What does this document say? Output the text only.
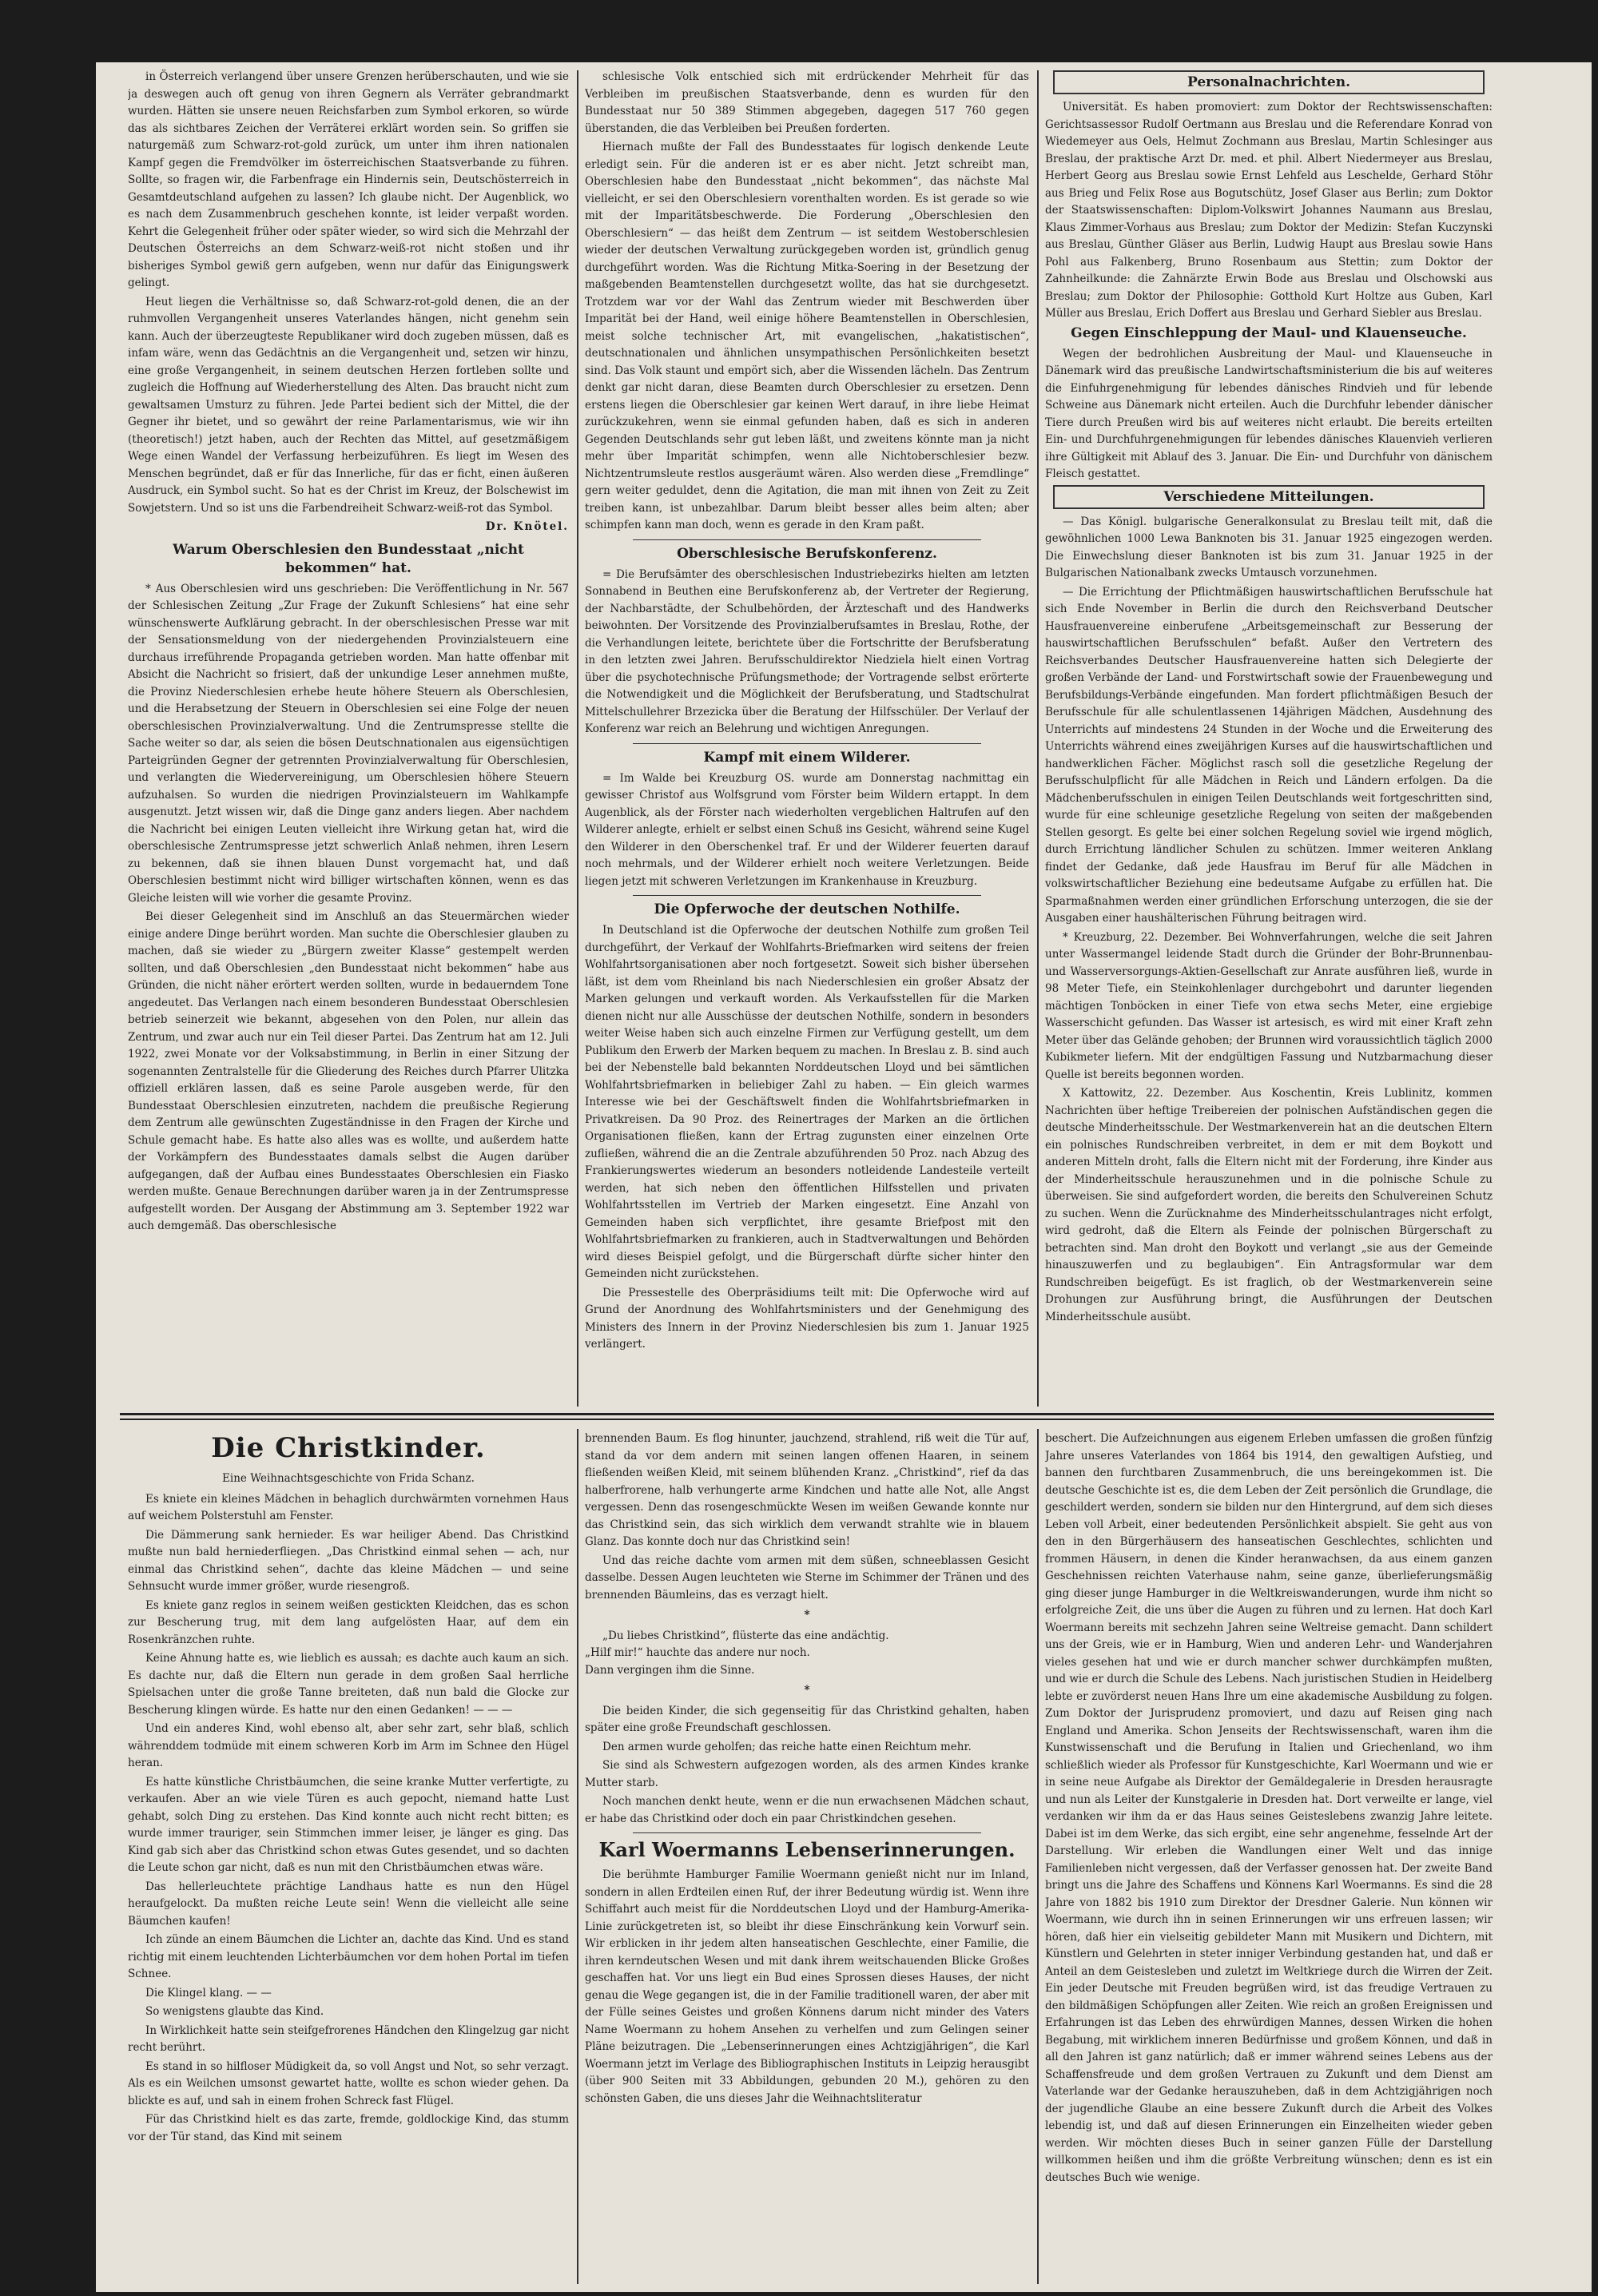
in Österreich verlangend über unsere Grenzen herüberschauten, und wie sie ja deswegen auch oft genug von ihren Gegnern als Verräter gebrandmarkt wurden. Hätten sie unsere neuen Reichsfarben zum Symbol erkoren, so würde das als sichtbares Zeichen der Verräterei erklärt worden sein. So griffen sie naturgemäß zum Schwarz-rot-gold zurück, um unter ihm ihren nationalen Kampf gegen die Fremdvölker im österreichischen Staatsverbande zu führen. Sollte, so fragen wir, die Farbenfrage ein Hindernis sein, Deutschösterreich in Gesamtdeutschland aufgehen zu lassen? Ich glaube nicht. Der Augenblick, wo es nach dem Zusammenbruch geschehen konnte, ist leider verpaßt worden. Kehrt die Gelegenheit früher oder später wieder, so wird sich die Mehrzahl der Deutschen Österreichs an dem Schwarz-weiß-rot nicht stoßen und ihr bisheriges Symbol gewiß gern aufgeben, wenn nur dafür das Einigungswerk gelingt.

Heut liegen die Verhältnisse so, daß Schwarz-rot-gold denen, die an der ruhmvollen Vergangenheit unseres Vaterlandes hängen, nicht genehm sein kann. Auch der überzeugteste Republikaner wird doch zugeben müssen, daß es infam wäre, wenn das Gedächtnis an die Vergangenheit und, setzen wir hinzu, eine große Vergangenheit, in seinem deutschen Herzen fortleben sollte und zugleich die Hoffnung auf Wiederherstellung des Alten. Das braucht nicht zum gewaltsamen Umsturz zu führen. Jede Partei bedient sich der Mittel, die der Gegner ihr bietet, und so gewährt der reine Parlamentarismus, wie wir ihn (theoretisch!) jetzt haben, auch der Rechten das Mittel, auf gesetzmäßigem Wege einen Wandel der Verfassung herbeizuführen. Es liegt im Wesen des Menschen begründet, daß er für das Innerliche, für das er ficht, einen äußeren Ausdruck, ein Symbol sucht. So hat es der Christ im Kreuz, der Bolschewist im Sowjetstern. Und so ist uns die Farbendreiheit Schwarz-weiß-rot das Symbol.

Dr. Knötel.

Warum Oberschlesien den Bundesstaat „nicht bekommen“ hat.

* Aus Oberschlesien wird uns geschrieben: Die Veröffentlichung in Nr. 567 der Schlesischen Zeitung „Zur Frage der Zukunft Schlesiens“ hat eine sehr wünschenswerte Aufklärung gebracht. In der oberschlesischen Presse war mit der Sensationsmeldung von der niedergehenden Provinzialsteuern eine durchaus irreführende Propaganda getrieben worden. Man hatte offenbar mit Absicht die Nachricht so frisiert, daß der unkundige Leser annehmen mußte, die Provinz Niederschlesien erhebe heute höhere Steuern als Oberschlesien, und die Herabsetzung der Steuern in Oberschlesien sei eine Folge der neuen oberschlesischen Provinzialverwaltung. Und die Zentrumspresse stellte die Sache weiter so dar, als seien die bösen Deutschnationalen aus eigensüchtigen Parteigründen Gegner der getrennten Provinzialverwaltung für Oberschlesien, und verlangten die Wiedervereinigung, um Oberschlesien höhere Steuern aufzuhalsen. So wurden die niedrigen Provinzialsteuern im Wahlkampfe ausgenutzt. Jetzt wissen wir, daß die Dinge ganz anders liegen. Aber nachdem die Nachricht bei einigen Leuten vielleicht ihre Wirkung getan hat, wird die oberschlesische Zentrumspresse jetzt schwerlich Anlaß nehmen, ihren Lesern zu bekennen, daß sie ihnen blauen Dunst vorgemacht hat, und daß Oberschlesien bestimmt nicht wird billiger wirtschaften können, wenn es das Gleiche leisten will wie vorher die gesamte Provinz.

Bei dieser Gelegenheit sind im Anschluß an das Steuermärchen wieder einige andere Dinge berührt worden. Man suchte die Oberschlesier glauben zu machen, daß sie wieder zu „Bürgern zweiter Klasse“ gestempelt werden sollten, und daß Oberschlesien „den Bundesstaat nicht bekommen“ habe aus Gründen, die nicht näher erörtert werden sollten, wurde in bedauerndem Tone angedeutet. Das Verlangen nach einem besonderen Bundesstaat Oberschlesien betrieb seinerzeit wie bekannt, abgesehen von den Polen, nur allein das Zentrum, und zwar auch nur ein Teil dieser Partei. Das Zentrum hat am 12. Juli 1922, zwei Monate vor der Volksabstimmung, in Berlin in einer Sitzung der sogenannten Zentralstelle für die Gliederung des Reiches durch Pfarrer Ulitzka offiziell erklären lassen, daß es seine Parole ausgeben werde, für den Bundesstaat Oberschlesien einzutreten, nachdem die preußische Regierung dem Zentrum alle gewünschten Zugeständnisse in den Fragen der Kirche und Schule gemacht habe. Es hatte also alles was es wollte, und außerdem hatte der Vorkämpfern des Bundesstaates damals selbst die Augen darüber aufgegangen, daß der Aufbau eines Bundesstaates Oberschlesien ein Fiasko werden mußte. Genaue Berechnungen darüber waren ja in der Zentrumspresse aufgestellt worden. Der Ausgang der Abstimmung am 3. September 1922 war auch demgemäß. Das oberschlesische

schlesische Volk entschied sich mit erdrückender Mehrheit für das Verbleiben im preußischen Staatsverbande, denn es wurden für den Bundesstaat nur 50 389 Stimmen abgegeben, dagegen 517 760 gegen überstanden, die das Verbleiben bei Preußen forderten.

Hiernach mußte der Fall des Bundesstaates für logisch denkende Leute erledigt sein. Für die anderen ist er es aber nicht. Jetzt schreibt man, Oberschlesien habe den Bundesstaat „nicht bekommen“, das nächste Mal vielleicht, er sei den Oberschlesiern vorenthalten worden. Es ist gerade so wie mit der Imparitätsbeschwerde. Die Forderung „Oberschlesien den Oberschlesiern“ — das heißt dem Zentrum — ist seitdem Westoberschlesien wieder der deutschen Verwaltung zurückgegeben worden ist, gründlich genug durchgeführt worden. Was die Richtung Mitka-Soering in der Besetzung der maßgebenden Beamtenstellen durchgesetzt wollte, das hat sie durchgesetzt. Trotzdem war vor der Wahl das Zentrum wieder mit Beschwerden über Imparität bei der Hand, weil einige höhere Beamtenstellen in Oberschlesien, meist solche technischer Art, mit evangelischen, „hakatistischen“, deutschnationalen und ähnlichen unsympathischen Persönlichkeiten besetzt sind. Das Volk staunt und empört sich, aber die Wissenden lächeln. Das Zentrum denkt gar nicht daran, diese Beamten durch Oberschlesier zu ersetzen. Denn erstens liegen die Oberschlesier gar keinen Wert darauf, in ihre liebe Heimat zurückzukehren, wenn sie einmal gefunden haben, daß es sich in anderen Gegenden Deutschlands sehr gut leben läßt, und zweitens könnte man ja nicht mehr über Imparität schimpfen, wenn alle Nichtoberschlesier bezw. Nichtzentrumsleute restlos ausgeräumt wären. Also werden diese „Fremdlinge“ gern weiter geduldet, denn die Agitation, die man mit ihnen von Zeit zu Zeit treiben kann, ist unbezahlbar. Darum bleibt besser alles beim alten; aber schimpfen kann man doch, wenn es gerade in den Kram paßt.

Oberschlesische Berufskonferenz.

= Die Berufsämter des oberschlesischen Industriebezirks hielten am letzten Sonnabend in Beuthen eine Berufskonferenz ab, der Vertreter der Regierung, der Nachbarstädte, der Schulbehörden, der Ärzteschaft und des Handwerks beiwohnten. Der Vorsitzende des Provinzialberufsamtes in Breslau, Rothe, der die Verhandlungen leitete, berichtete über die Fortschritte der Berufsberatung in den letzten zwei Jahren. Berufsschuldirektor Niedziela hielt einen Vortrag über die psychotechnische Prüfungsmethode; der Vortragende selbst erörterte die Notwendigkeit und die Möglichkeit der Berufsberatung, und Stadtschulrat Mittelschullehrer Brzezicka über die Beratung der Hilfsschüler. Der Verlauf der Konferenz war reich an Belehrung und wichtigen Anregungen.

Kampf mit einem Wilderer.

= Im Walde bei Kreuzburg OS. wurde am Donnerstag nachmittag ein gewisser Christof aus Wolfsgrund vom Förster beim Wildern ertappt. In dem Augenblick, als der Förster nach wiederholten vergeblichen Haltrufen auf den Wilderer anlegte, erhielt er selbst einen Schuß ins Gesicht, während seine Kugel den Wilderer in den Oberschenkel traf. Er und der Wilderer feuerten darauf noch mehrmals, und der Wilderer erhielt noch weitere Verletzungen. Beide liegen jetzt mit schweren Verletzungen im Krankenhause in Kreuzburg.

Die Opferwoche der deutschen Nothilfe.

In Deutschland ist die Opferwoche der deutschen Nothilfe zum großen Teil durchgeführt, der Verkauf der Wohlfahrts-Briefmarken wird seitens der freien Wohlfahrtsorganisationen aber noch fortgesetzt. Soweit sich bisher übersehen läßt, ist dem vom Rheinland bis nach Niederschlesien ein großer Absatz der Marken gelungen und verkauft worden. Als Verkaufsstellen für die Marken dienen nicht nur alle Ausschüsse der deutschen Nothilfe, sondern in besonders weiter Weise haben sich auch einzelne Firmen zur Verfügung gestellt, um dem Publikum den Erwerb der Marken bequem zu machen. In Breslau z. B. sind auch bei der Nebenstelle bald bekannten Norddeutschen Lloyd und bei sämtlichen Wohlfahrtsbriefmarken in beliebiger Zahl zu haben. — Ein gleich warmes Interesse wie bei der Geschäftswelt finden die Wohlfahrtsbriefmarken in Privatkreisen. Da 90 Proz. des Reinertrages der Marken an die örtlichen Organisationen fließen, kann der Ertrag zugunsten einer einzelnen Orte zufließen, während die an die Zentrale abzuführenden 50 Proz. nach Abzug des Frankierungswertes wiederum an besonders notleidende Landesteile verteilt werden, hat sich neben den öffentlichen Hilfsstellen und privaten Wohlfahrtsstellen im Vertrieb der Marken eingesetzt. Eine Anzahl von Gemeinden haben sich verpflichtet, ihre gesamte Briefpost mit den Wohlfahrtsbriefmarken zu frankieren, auch in Stadtverwaltungen und Behörden wird dieses Beispiel gefolgt, und die Bürgerschaft dürfte sicher hinter den Gemeinden nicht zurückstehen.

Die Pressestelle des Oberpräsidiums teilt mit: Die Opferwoche wird auf Grund der Anordnung des Wohlfahrtsministers und der Genehmigung des Ministers des Innern in der Provinz Niederschlesien bis zum 1. Januar 1925 verlängert.

Personalnachrichten.

Universität. Es haben promoviert: zum Doktor der Rechtswissenschaften: Gerichtsassessor Rudolf Oertmann aus Breslau und die Referendare Konrad von Wiedemeyer aus Oels, Helmut Zochmann aus Breslau, Martin Schlesinger aus Breslau, der praktische Arzt Dr. med. et phil. Albert Niedermeyer aus Breslau, Herbert Georg aus Breslau sowie Ernst Lehfeld aus Leschelde, Gerhard Stöhr aus Brieg und Felix Rose aus Bogutschütz, Josef Glaser aus Berlin; zum Doktor der Staatswissenschaften: Diplom-Volkswirt Johannes Naumann aus Breslau, Klaus Zimmer-Vorhaus aus Breslau; zum Doktor der Medizin: Stefan Kuczynski aus Breslau, Günther Gläser aus Berlin, Ludwig Haupt aus Breslau sowie Hans Pohl aus Falkenberg, Bruno Rosenbaum aus Stettin; zum Doktor der Zahnheilkunde: die Zahnärzte Erwin Bode aus Breslau und Olschowski aus Breslau; zum Doktor der Philosophie: Gotthold Kurt Holtze aus Guben, Karl Müller aus Breslau, Erich Doffert aus Breslau und Gerhard Siebler aus Breslau.

Gegen Einschleppung der Maul- und Klauenseuche.

Wegen der bedrohlichen Ausbreitung der Maul- und Klauenseuche in Dänemark wird das preußische Landwirtschaftsministerium die bis auf weiteres die Einfuhrgenehmigung für lebendes dänisches Rindvieh und für lebende Schweine aus Dänemark nicht erteilen. Auch die Durchfuhr lebender dänischer Tiere durch Preußen wird bis auf weiteres nicht erlaubt. Die bereits erteilten Ein- und Durchfuhrgenehmigungen für lebendes dänisches Klauenvieh verlieren ihre Gültigkeit mit Ablauf des 3. Januar. Die Ein- und Durchfuhr von dänischem Fleisch gestattet.

Verschiedene Mitteilungen.

— Das Königl. bulgarische Generalkonsulat zu Breslau teilt mit, daß die gewöhnlichen 1000 Lewa Banknoten bis 31. Januar 1925 eingezogen werden. Die Einwechslung dieser Banknoten ist bis zum 31. Januar 1925 in der Bulgarischen Nationalbank zwecks Umtausch vorzunehmen.

— Die Errichtung der Pflichtmäßigen hauswirtschaftlichen Berufsschule hat sich Ende November in Berlin die durch den Reichsverband Deutscher Hausfrauenvereine einberufene „Arbeitsgemeinschaft zur Besserung der hauswirtschaftlichen Berufsschulen“ befaßt. Außer den Vertretern des Reichsverbandes Deutscher Hausfrauenvereine hatten sich Delegierte der großen Verbände der Land- und Forstwirtschaft sowie der Frauenbewegung und Berufsbildungs-Verbände eingefunden. Man fordert pflichtmäßigen Besuch der Berufsschule für alle schulentlassenen 14jährigen Mädchen, Ausdehnung des Unterrichts auf mindestens 24 Stunden in der Woche und die Erweiterung des Unterrichts während eines zweijährigen Kurses auf die hauswirtschaftlichen und handwerklichen Fächer. Möglichst rasch soll die gesetzliche Regelung der Berufsschulpflicht für alle Mädchen in Reich und Ländern erfolgen. Da die Mädchenberufsschulen in einigen Teilen Deutschlands weit fortgeschritten sind, wurde für eine schleunige gesetzliche Regelung von seiten der maßgebenden Stellen gesorgt. Es gelte bei einer solchen Regelung soviel wie irgend möglich, durch Errichtung ländlicher Schulen zu schützen. Immer weiteren Anklang findet der Gedanke, daß jede Hausfrau im Beruf für alle Mädchen in volkswirtschaftlicher Beziehung eine bedeutsame Aufgabe zu erfüllen hat. Die Sparmaßnahmen werden einer gründlichen Erforschung unterzogen, die sie der Ausgaben einer haushälterischen Führung beitragen wird.

* Kreuzburg, 22. Dezember. Bei Wohnverfahrungen, welche die seit Jahren unter Wassermangel leidende Stadt durch die Gründer der Bohr-Brunnenbau- und Wasserversorgungs-Aktien-Gesellschaft zur Anrate ausführen ließ, wurde in 98 Meter Tiefe, ein Steinkohlenlager durchgebohrt und darunter liegenden mächtigen Tonböcken in einer Tiefe von etwa sechs Meter, eine ergiebige Wasserschicht gefunden. Das Wasser ist artesisch, es wird mit einer Kraft zehn Meter über das Gelände gehoben; der Brunnen wird voraussichtlich täglich 2000 Kubikmeter liefern. Mit der endgültigen Fassung und Nutzbarmachung dieser Quelle ist bereits begonnen worden.

X Kattowitz, 22. Dezember. Aus Koschentin, Kreis Lublinitz, kommen Nachrichten über heftige Treibereien der polnischen Aufständischen gegen die deutsche Minderheitsschule. Der Westmarkenverein hat an die deutschen Eltern ein polnisches Rundschreiben verbreitet, in dem er mit dem Boykott und anderen Mitteln droht, falls die Eltern nicht mit der Forderung, ihre Kinder aus der Minderheitsschule herauszunehmen und in die polnische Schule zu überweisen. Sie sind aufgefordert worden, die bereits den Schulvereinen Schutz zu suchen. Wenn die Zurücknahme des Minderheitsschulantrages nicht erfolgt, wird gedroht, daß die Eltern als Feinde der polnischen Bürgerschaft zu betrachten sind. Man droht den Boykott und verlangt „sie aus der Gemeinde hinauszuwerfen und zu beglaubigen“. Ein Antragsformular war dem Rundschreiben beigefügt. Es ist fraglich, ob der Westmarkenverein seine Drohungen zur Ausführung bringt, die Ausführungen der Deutschen Minderheitsschule ausübt.

Die Christkinder.

Eine Weihnachtsgeschichte von Frida Schanz.

Es kniete ein kleines Mädchen in behaglich durchwärmten vornehmen Haus auf weichem Polsterstuhl am Fenster.

Die Dämmerung sank hernieder. Es war heiliger Abend. Das Christkind mußte nun bald herniederfliegen. „Das Christkind einmal sehen — ach, nur einmal das Christkind sehen“, dachte das kleine Mädchen — und seine Sehnsucht wurde immer größer, wurde riesengroß.

Es kniete ganz reglos in seinem weißen gestickten Kleidchen, das es schon zur Bescherung trug, mit dem lang aufgelösten Haar, auf dem ein Rosenkränzchen ruhte.

Keine Ahnung hatte es, wie lieblich es aussah; es dachte auch kaum an sich. Es dachte nur, daß die Eltern nun gerade in dem großen Saal herrliche Spielsachen unter die große Tanne breiteten, daß nun bald die Glocke zur Bescherung klingen würde. Es hatte nur den einen Gedanken! — — —

Und ein anderes Kind, wohl ebenso alt, aber sehr zart, sehr blaß, schlich währenddem todmüde mit einem schweren Korb im Arm im Schnee den Hügel heran.

Es hatte künstliche Christbäumchen, die seine kranke Mutter verfertigte, zu verkaufen. Aber an wie viele Türen es auch gepocht, niemand hatte Lust gehabt, solch Ding zu erstehen. Das Kind konnte auch nicht recht bitten; es wurde immer trauriger, sein Stimmchen immer leiser, je länger es ging. Das Kind gab sich aber das Christkind schon etwas Gutes gesendet, und so dachten die Leute schon gar nicht, daß es nun mit den Christbäumchen etwas wäre.

Das hellerleuchtete prächtige Landhaus hatte es nun den Hügel heraufgelockt. Da mußten reiche Leute sein! Wenn die vielleicht alle seine Bäumchen kaufen!

Ich zünde an einem Bäumchen die Lichter an, dachte das Kind. Und es stand richtig mit einem leuchtenden Lichterbäumchen vor dem hohen Portal im tiefen Schnee.

Die Klingel klang. — —

So wenigstens glaubte das Kind.

In Wirklichkeit hatte sein steifgefrorenes Händchen den Klingelzug gar nicht recht berührt.

Es stand in so hilfloser Müdigkeit da, so voll Angst und Not, so sehr verzagt. Als es ein Weilchen umsonst gewartet hatte, wollte es schon wieder gehen. Da blickte es auf, und sah in einem frohen Schreck fast Flügel.

Für das Christkind hielt es das zarte, fremde, goldlockige Kind, das stumm vor der Tür stand, das Kind mit seinem

brennenden Baum. Es flog hinunter, jauchzend, strahlend, riß weit die Tür auf, stand da vor dem andern mit seinen langen offenen Haaren, in seinem fließenden weißen Kleid, mit seinem blühenden Kranz. „Christkind“, rief da das halberfrorene, halb verhungerte arme Kindchen und hatte alle Not, alle Angst vergessen. Denn das rosengeschmückte Wesen im weißen Gewande konnte nur das Christkind sein, das sich wirklich dem verwandt strahlte wie in blauem Glanz. Das konnte doch nur das Christkind sein!

Und das reiche dachte vom armen mit dem süßen, schneeblassen Gesicht dasselbe. Dessen Augen leuchteten wie Sterne im Schimmer der Tränen und des brennenden Bäumleins, das es verzagt hielt.

*

„Du liebes Christkind“, flüsterte das eine andächtig.
„Hilf mir!“ hauchte das andere nur noch.
Dann vergingen ihm die Sinne.

*

Die beiden Kinder, die sich gegenseitig für das Christkind gehalten, haben später eine große Freundschaft geschlossen.

Den armen wurde geholfen; das reiche hatte einen Reichtum mehr.

Sie sind als Schwestern aufgezogen worden, als des armen Kindes kranke Mutter starb.

Noch manchen denkt heute, wenn er die nun erwachsenen Mädchen schaut, er habe das Christkind oder doch ein paar Christkindchen gesehen.

Karl Woermanns Lebenserinnerungen.

Die berühmte Hamburger Familie Woermann genießt nicht nur im Inland, sondern in allen Erdteilen einen Ruf, der ihrer Bedeutung würdig ist. Wenn ihre Schiffahrt auch meist für die Norddeutschen Lloyd und der Hamburg-Amerika-Linie zurückgetreten ist, so bleibt ihr diese Einschränkung kein Vorwurf sein. Wir erblicken in ihr jedem alten hanseatischen Geschlechte, einer Familie, die ihren kerndeutschen Wesen und mit dank ihrem weitschauenden Blicke Großes geschaffen hat. Vor uns liegt ein Bud eines Sprossen dieses Hauses, der nicht genau die Wege gegangen ist, die in der Familie traditionell waren, der aber mit der Fülle seines Geistes und großen Könnens darum nicht minder des Vaters Name Woermann zu hohem Ansehen zu verhelfen und zum Gelingen seiner Pläne beizutragen. Die „Lebenserinnerungen eines Achtzigjährigen“, die Karl Woermann jetzt im Verlage des Bibliographischen Instituts in Leipzig herausgibt (über 900 Seiten mit 33 Abbildungen, gebunden 20 M.), gehören zu den schönsten Gaben, die uns dieses Jahr die Weihnachtsliteratur

beschert. Die Aufzeichnungen aus eigenem Erleben umfassen die großen fünfzig Jahre unseres Vaterlandes von 1864 bis 1914, den gewaltigen Aufstieg, und bannen den furchtbaren Zusammenbruch, die uns bereingekommen ist. Die deutsche Geschichte ist es, die dem Leben der Zeit persönlich die Grundlage, die geschildert werden, sondern sie bilden nur den Hintergrund, auf dem sich dieses Leben voll Arbeit, einer bedeutenden Persönlichkeit abspielt. Sie geht aus von den in den Bürgerhäusern des hanseatischen Geschlechtes, schlichten und frommen Häusern, in denen die Kinder heranwachsen, da aus einem ganzen Geschehnissen reichten Vaterhause nahm, seine ganze, überlieferungsmäßig ging dieser junge Hamburger in die Weltkreiswanderungen, wurde ihm nicht so erfolgreiche Zeit, die uns über die Augen zu führen und zu lernen. Hat doch Karl Woermann bereits mit sechzehn Jahren seine Weltreise gemacht. Dann schildert uns der Greis, wie er in Hamburg, Wien und anderen Lehr- und Wanderjahren vieles gesehen hat und wie er durch mancher schwer durchkämpfen mußten, und wie er durch die Schule des Lebens. Nach juristischen Studien in Heidelberg lebte er zuvörderst neuen Hans Ihre um eine akademische Ausbildung zu folgen. Zum Doktor der Jurisprudenz promoviert, und dazu auf Reisen ging nach England und Amerika. Schon Jenseits der Rechtswissenschaft, waren ihm die Kunstwissenschaft und die Berufung in Italien und Griechenland, wo ihm schließlich wieder als Professor für Kunstgeschichte, Karl Woermann und wie er in seine neue Aufgabe als Direktor der Gemäldegalerie in Dresden herausragte und nun als Leiter der Kunstgalerie in Dresden hat. Dort verweilte er lange, viel verdanken wir ihm da er das Haus seines Geisteslebens zwanzig Jahre leitete. Dabei ist im dem Werke, das sich ergibt, eine sehr angenehme, fesselnde Art der Darstellung. Wir erleben die Wandlungen einer Welt und das innige Familienleben nicht vergessen, daß der Verfasser genossen hat. Der zweite Band bringt uns die Jahre des Schaffens und Könnens Karl Woermanns. Es sind die 28 Jahre von 1882 bis 1910 zum Direktor der Dresdner Galerie. Nun können wir Woermann, wie durch ihn in seinen Erinnerungen wir uns erfreuen lassen; wir hören, daß hier ein vielseitig gebildeter Mann mit Musikern und Dichtern, mit Künstlern und Gelehrten in steter inniger Verbindung gestanden hat, und daß er Anteil an dem Geistesleben und zuletzt im Weltkriege durch die Wirren der Zeit. Ein jeder Deutsche mit Freuden begrüßen wird, ist das freudige Vertrauen zu den bildmäßigen Schöpfungen aller Zeiten. Wie reich an großen Ereignissen und Erfahrungen ist das Leben des ehrwürdigen Mannes, dessen Wirken die hohen Begabung, mit wirklichem inneren Bedürfnisse und großem Können, und daß in all den Jahren ist ganz natürlich; daß er immer während seines Lebens aus der Schaffensfreude und dem großen Vertrauen zu Zukunft und dem Dienst am Vaterlande war der Gedanke herauszuheben, daß in dem Achtzigjährigen noch der jugendliche Glaube an eine bessere Zukunft durch die Arbeit des Volkes lebendig ist, und daß auf diesen Erinnerungen ein Einzelheiten wieder geben werden. Wir möchten dieses Buch in seiner ganzen Fülle der Darstellung willkommen heißen und ihm die größte Verbreitung wünschen; denn es ist ein deutsches Buch wie wenige.
